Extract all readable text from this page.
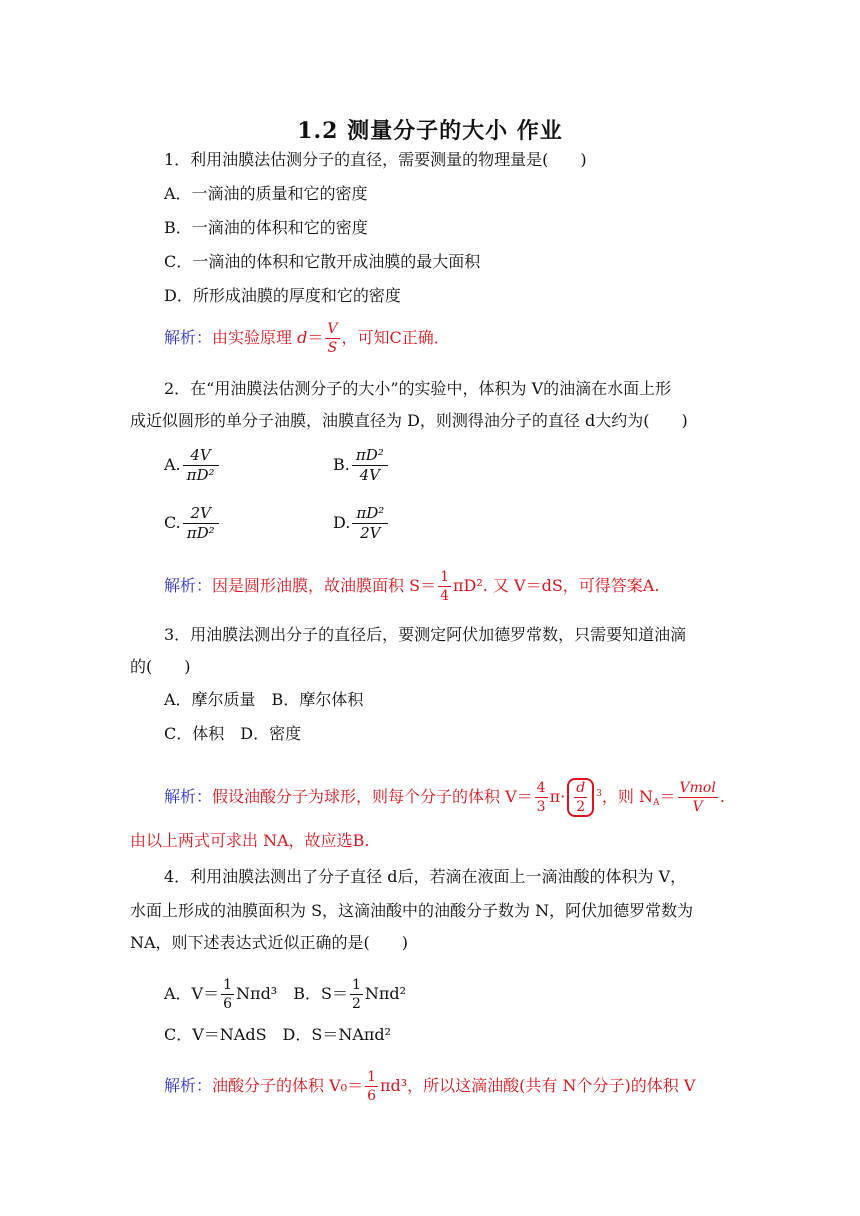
1.2 测量分子的大小 作业
1．利用油膜法估测分子的直径，需要测量的物理量是(　　)
A．一滴油的质量和它的密度
B．一滴油的体积和它的密度
C．一滴油的体积和它散开成油膜的最大面积
D．所形成油膜的厚度和它的密度
解析：由实验原理 $d= \frac{V}{S}$ ，可知C正确．
2．在“用油膜法估测分子的大小”的实验中，体积为 V的油滴在水面上形
成近似圆形的单分子油膜，油膜直径为 D，则测得油分子的直径 d大约为(　　)
A. $\frac{4V}{\text{πD²}}$	B. $\frac{\text{πD²}}{4V}$
C. $\frac{2V}{\text{πD²}}$	D. $\frac{\text{πD²}}{2V}$
解析：因是圆形油膜，故油膜面积 $S= \frac{1}{4} \pi D^2$. 又 V＝dS，可得答案A.
3．用油膜法测出分子的直径后，要测定阿伏加德罗常数，只需要知道油滴
的(　　)
A．摩尔质量　B．摩尔体积
C．体积　D．密度
解析：假设油酸分子为球形，则每个分子的体积 $V= \frac{4}{3} \pi\cdot \frac{d}{2} ^3$，则 $N_A= \frac{\text{Vmol}}{V}$ .
由以上两式可求出 NA，故应选B.
4．利用油膜法测出了分子直径 d后，若滴在液面上一滴油酸的体积为 V，
水面上形成的油膜面积为 S，这滴油酸中的油酸分子数为 N，阿伏加德罗常数为
NA，则下述表达式近似正确的是(　　)
A．$V= \frac{1}{6} N\pi d^3$　 B．$S= \frac{1}{2} N\pi d^2$
C．V＝NAdS　D．S＝NAπd²
解析：油酸分子的体积 $V_0= \frac{1}{6} \pi d^3$，所以这滴油酸(共有 N个分子)的体积 V
